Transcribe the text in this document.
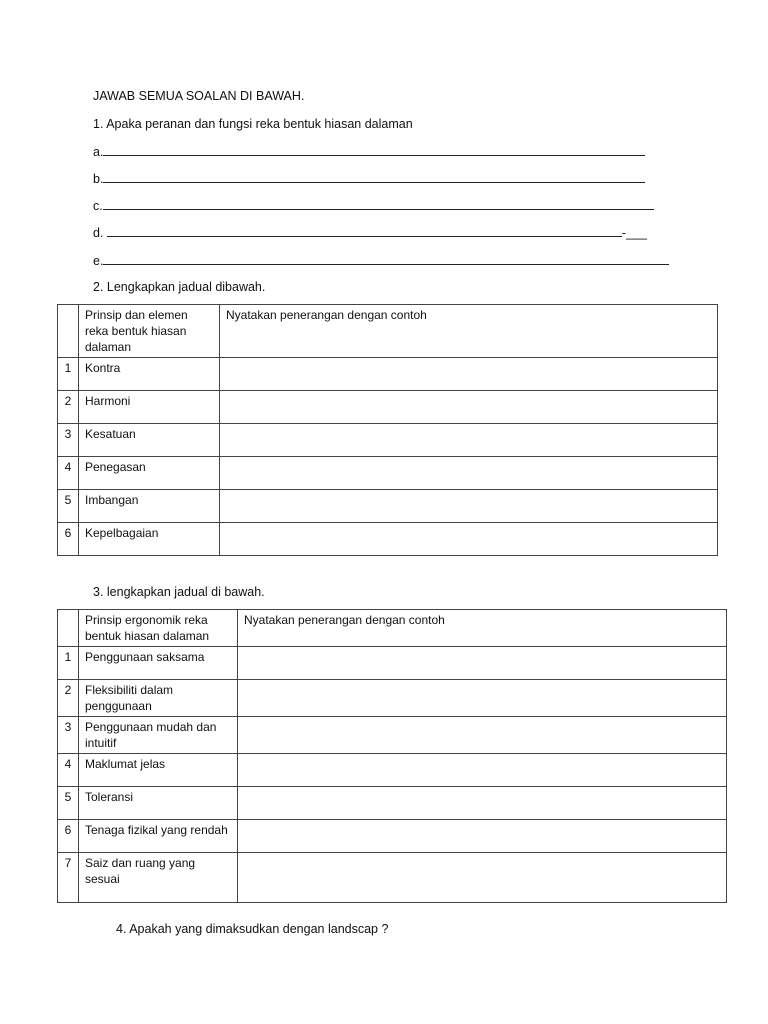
JAWAB SEMUA SOALAN DI BAWAH.
1. Apaka peranan dan fungsi reka bentuk hiasan dalaman
a.
b.
c.
d.	-___
e.
2. Lengkapkan jadual dibawah.
	Prinsip dan elemen reka bentuk hiasan dalaman	Nyatakan penerangan dengan contoh
1	Kontra	
2	Harmoni	
3	Kesatuan	
4	Penegasan	
5	Imbangan	
6	Kepelbagaian	
3. lengkapkan jadual di bawah.
	Prinsip ergonomik reka bentuk hiasan dalaman	Nyatakan penerangan dengan contoh
1	Penggunaan saksama	
2	Fleksibiliti dalam penggunaan	
3	Penggunaan mudah dan intuitif	
4	Maklumat jelas	
5	Toleransi	
6	Tenaga fizikal yang rendah	
7	Saiz dan ruang yang sesuai	
4. Apakah yang dimaksudkan dengan landscap ?
